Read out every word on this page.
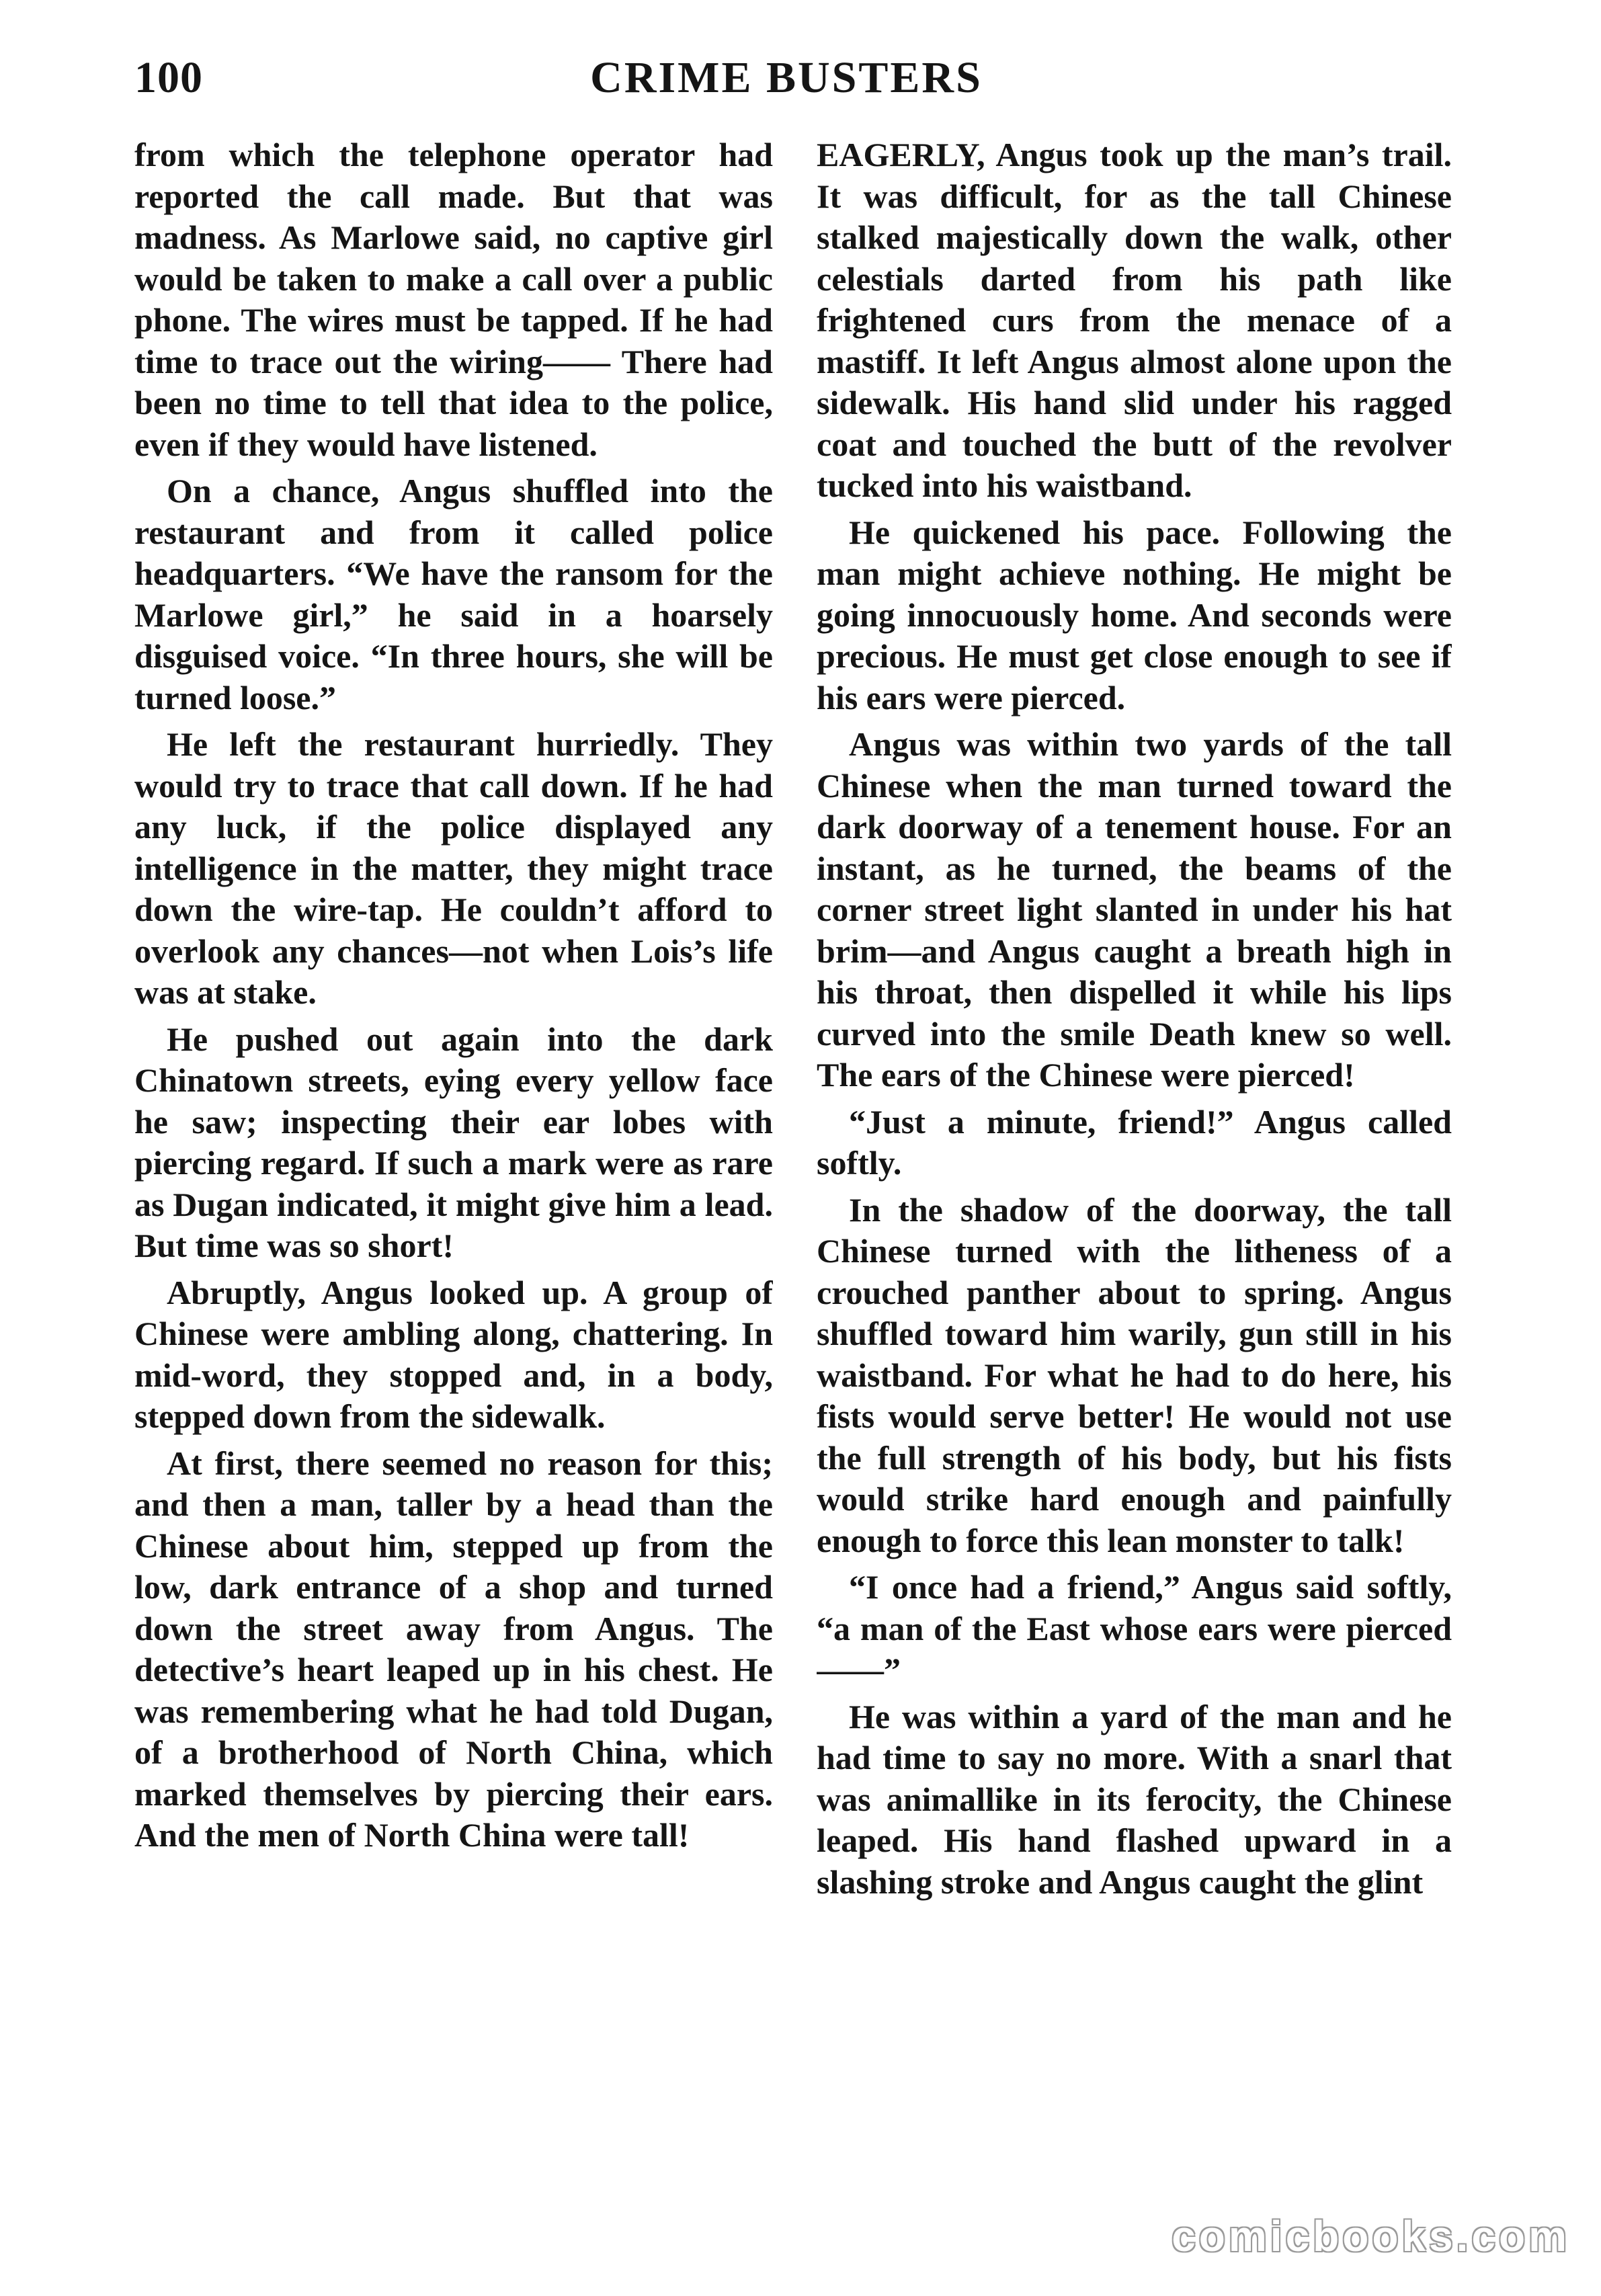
100	CRIME BUSTERS

from which the telephone operator had reported the call made. But that was madness. As Marlowe said, no captive girl would be taken to make a call over a public phone. The wires must be tapped. If he had time to trace out the wiring—— There had been no time to tell that idea to the police, even if they would have listened.

On a chance, Angus shuffled into the restaurant and from it called police headquarters. “We have the ransom for the Marlowe girl,” he said in a hoarsely disguised voice. “In three hours, she will be turned loose.”

He left the restaurant hurriedly. They would try to trace that call down. If he had any luck, if the police displayed any intelligence in the matter, they might trace down the wire-tap. He couldn’t afford to overlook any chances—not when Lois’s life was at stake.

He pushed out again into the dark Chinatown streets, eying every yellow face he saw; inspecting their ear lobes with piercing regard. If such a mark were as rare as Dugan indicated, it might give him a lead. But time was so short!

Abruptly, Angus looked up. A group of Chinese were ambling along, chattering. In mid-word, they stopped and, in a body, stepped down from the sidewalk.

At first, there seemed no reason for this; and then a man, taller by a head than the Chinese about him, stepped up from the low, dark entrance of a shop and turned down the street away from Angus. The detective’s heart leaped up in his chest. He was remembering what he had told Dugan, of a brotherhood of North China, which marked themselves by piercing their ears. And the men of North China were tall!

EAGERLY, Angus took up the man’s trail. It was difficult, for as the tall Chinese stalked majestically down the walk, other celestials darted from his path like frightened curs from the menace of a mastiff. It left Angus almost alone upon the sidewalk. His hand slid under his ragged coat and touched the butt of the revolver tucked into his waistband.

He quickened his pace. Following the man might achieve nothing. He might be going innocuously home. And seconds were precious. He must get close enough to see if his ears were pierced.

Angus was within two yards of the tall Chinese when the man turned toward the dark doorway of a tenement house. For an instant, as he turned, the beams of the corner street light slanted in under his hat brim—and Angus caught a breath high in his throat, then dispelled it while his lips curved into the smile Death knew so well. The ears of the Chinese were pierced!

“Just a minute, friend!” Angus called softly.

In the shadow of the doorway, the tall Chinese turned with the litheness of a crouched panther about to spring. Angus shuffled toward him warily, gun still in his waistband. For what he had to do here, his fists would serve better! He would not use the full strength of his body, but his fists would strike hard enough and painfully enough to force this lean monster to talk!

“I once had a friend,” Angus said softly, “a man of the East whose ears were pierced——”

He was within a yard of the man and he had time to say no more. With a snarl that was animallike in its ferocity, the Chinese leaped. His hand flashed upward in a slashing stroke and Angus caught the glint

comicbooks.com
